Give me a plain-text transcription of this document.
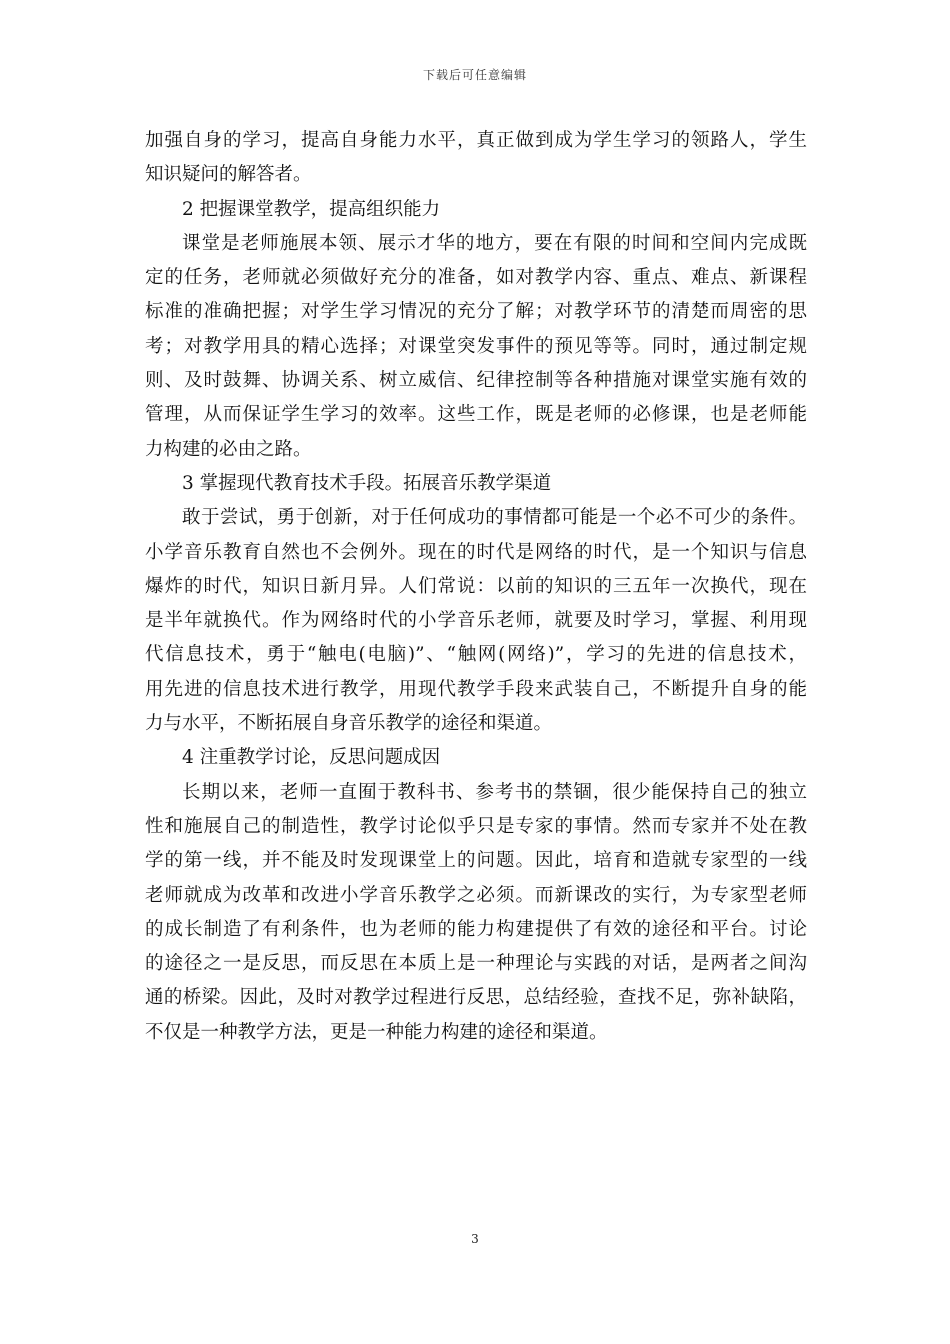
下载后可任意编辑
加强自身的学习，提高自身能力水平，真正做到成为学生学习的领路人，学生
知识疑问的解答者。
2 把握课堂教学，提高组织能力
课堂是老师施展本领、展示才华的地方，要在有限的时间和空间内完成既
定的任务，老师就必须做好充分的准备，如对教学内容、重点、难点、新课程
标准的准确把握；对学生学习情况的充分了解；对教学环节的清楚而周密的思
考；对教学用具的精心选择；对课堂突发事件的预见等等。同时，通过制定规
则、及时鼓舞、协调关系、树立威信、纪律控制等各种措施对课堂实施有效的
管理，从而保证学生学习的效率。这些工作，既是老师的必修课，也是老师能
力构建的必由之路。
3 掌握现代教育技术手段。拓展音乐教学渠道
敢于尝试，勇于创新，对于任何成功的事情都可能是一个必不可少的条件。
小学音乐教育自然也不会例外。现在的时代是网络的时代，是一个知识与信息
爆炸的时代，知识日新月异。人们常说：以前的知识的三五年一次换代，现在
是半年就换代。作为网络时代的小学音乐老师，就要及时学习，掌握、利用现
代信息技术，勇于“触电(电脑)”、“触网(网络)”，学习的先进的信息技术，
用先进的信息技术进行教学，用现代教学手段来武装自己，不断提升自身的能
力与水平，不断拓展自身音乐教学的途径和渠道。
4 注重教学讨论，反思问题成因
长期以来，老师一直囿于教科书、参考书的禁锢，很少能保持自己的独立
性和施展自己的制造性，教学讨论似乎只是专家的事情。然而专家并不处在教
学的第一线，并不能及时发现课堂上的问题。因此，培育和造就专家型的一线
老师就成为改革和改进小学音乐教学之必须。而新课改的实行，为专家型老师
的成长制造了有利条件，也为老师的能力构建提供了有效的途径和平台。讨论
的途径之一是反思，而反思在本质上是一种理论与实践的对话，是两者之间沟
通的桥梁。因此，及时对教学过程进行反思，总结经验，查找不足，弥补缺陷，
不仅是一种教学方法，更是一种能力构建的途径和渠道。
3
